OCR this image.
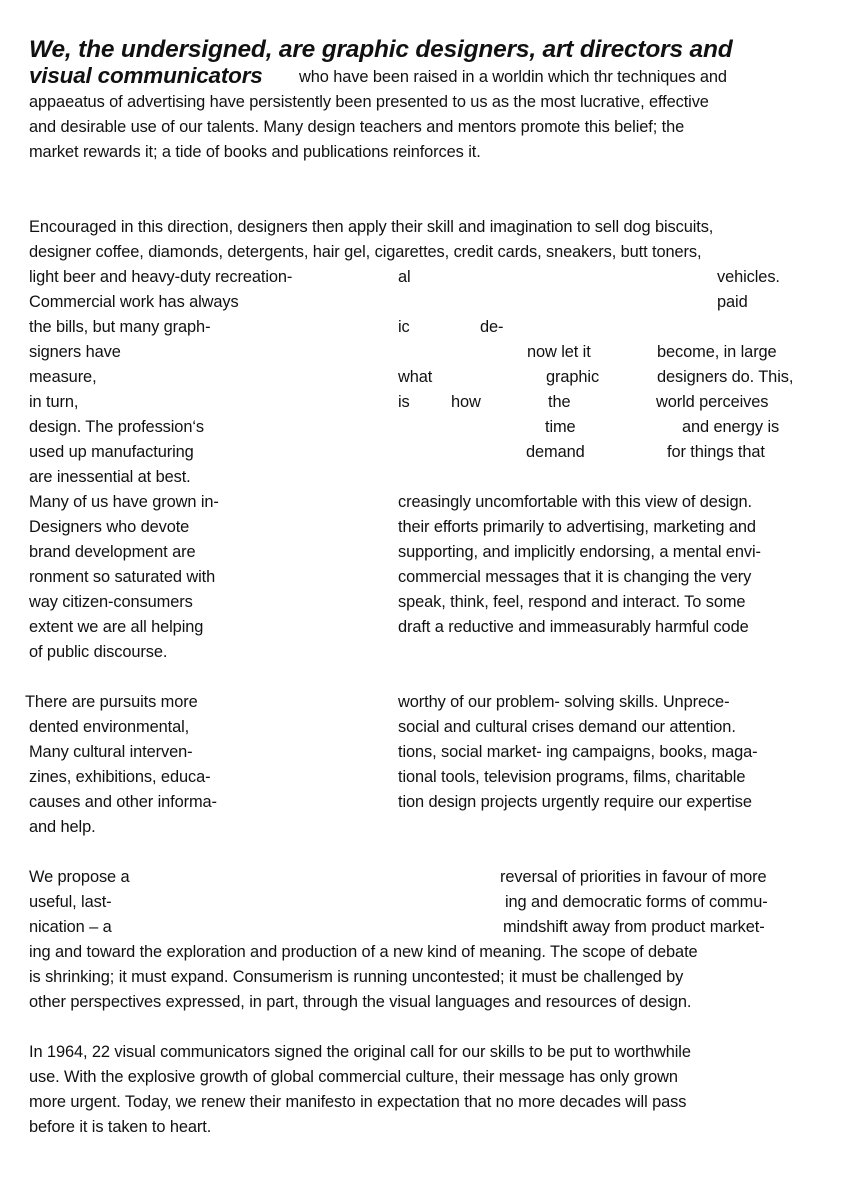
We, the undersigned, are graphic designers, art directors and
visual communicators who have been raised in a worldin which thr techniques and
appaeatus of advertising have persistently been presented to us as the most lucrative, effective
and desirable use of our talents. Many design teachers and mentors promote this belief; the
market rewards it; a tide of books and publications reinforces it.
Encouraged in this direction, designers then apply their skill and imagination to sell dog biscuits,
designer coffee, diamonds, detergents, hair gel, cigarettes, credit cards, sneakers, butt toners,
light beer and heavy-duty recreation-	al	vehicles.
Commercial work has always	paid
the bills, but many graph-	ic	de-
signers have	now let it	become, in large
measure,	what	graphic	designers do. This,
in turn,	is	how	the	world perceives
design. The profession‘s	time	and energy is
used up manufacturing	demand	for things that
are inessential at best.
Many of us have grown in-	creasingly uncomfortable with this view of design.
Designers who devote	their efforts primarily to advertising, marketing and
brand development are	supporting, and implicitly endorsing, a mental envi-
ronment so saturated with	commercial messages that it is changing the very
way citizen-consumers	speak, think, feel, respond and interact. To some
extent we are all helping	draft a reductive and immeasurably harmful code
of public discourse.
There are pursuits more	worthy of our problem- solving skills. Unprece-
dented environmental,	social and cultural crises demand our attention.
Many cultural interven-	tions, social market- ing campaigns, books, maga-
zines, exhibitions, educa-	tional tools, television programs, films, charitable
causes and other informa-	tion design projects urgently require our expertise
and help.
We propose a	reversal of priorities in favour of more
useful, last-	ing and democratic forms of commu-
nication – a	mindshift away from product market-
ing and toward the exploration and production of a new kind of meaning. The scope of debate
is shrinking; it must expand. Consumerism is running uncontested; it must be challenged by
other perspectives expressed, in part, through the visual languages and resources of design.
In 1964, 22 visual communicators signed the original call for our skills to be put to worthwhile
use. With the explosive growth of global commercial culture, their message has only grown
more urgent. Today, we renew their manifesto in expectation that no more decades will pass
before it is taken to heart.
